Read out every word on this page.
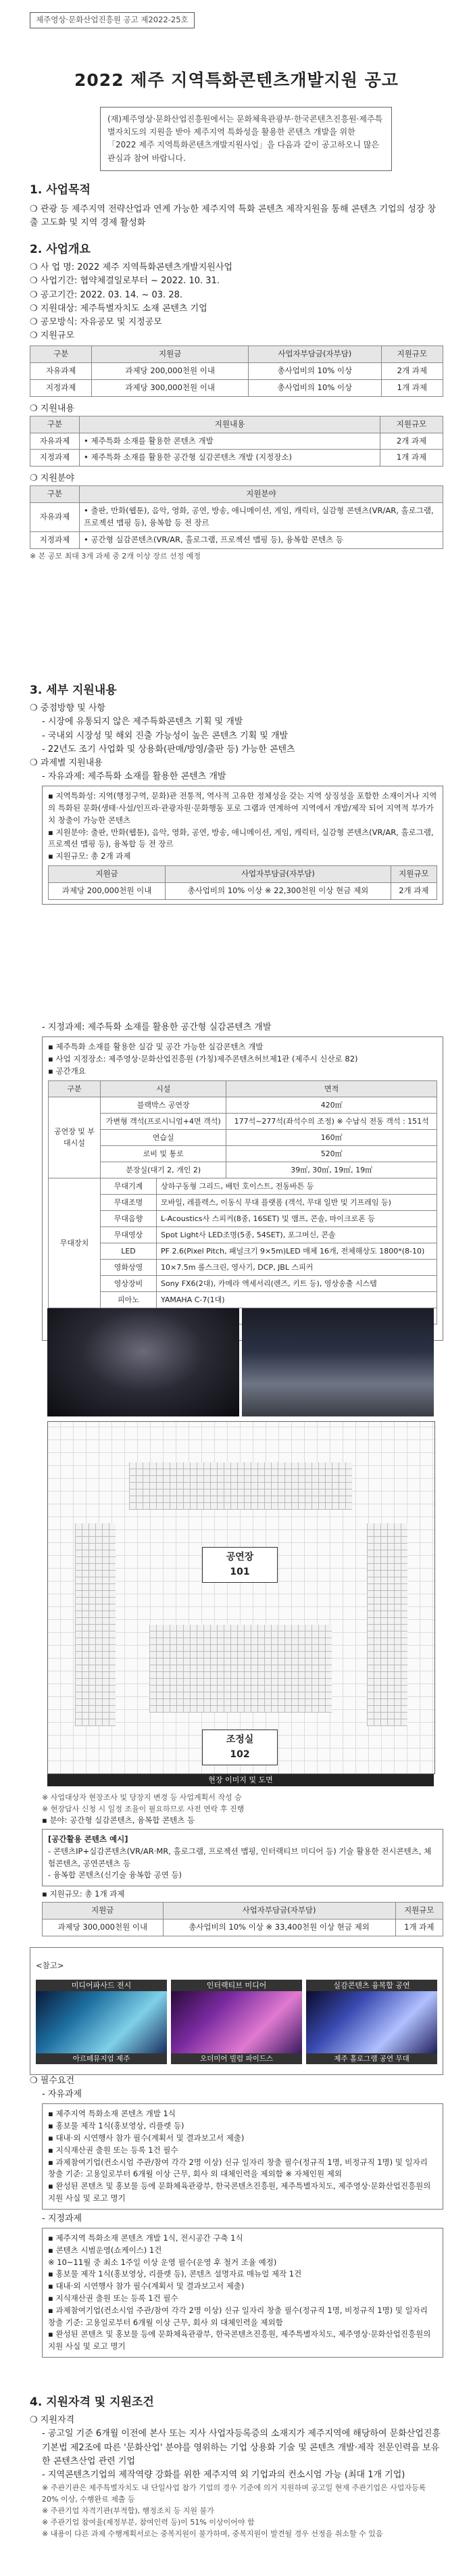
제주영상·문화산업진흥원 공고 제2022-25호
2022 제주 지역특화콘텐츠개발지원 공고
(재)제주영상·문화산업진흥원에서는 문화체육관광부·한국콘텐츠진흥원·제주특별자치도의 지원을 받아 제주지역 특화성을 활용한 콘텐츠 개발을 위한 「2022 제주 지역특화콘텐츠개발지원사업」을 다음과 같이 공고하오니 많은 관심과 참여 바랍니다.
1. 사업목적

❍ 관광 등 제주지역 전략산업과 연계 가능한 제주지역 특화 콘텐츠 제작지원을 통해 콘텐츠 기업의 성장 창출 고도화 및 지역 경제 활성화

2. 사업개요

❍ 사 업 명: 2022 제주 지역특화콘텐츠개발지원사업

❍ 사업기간: 협약체결일로부터 ~ 2022. 10. 31.

❍ 공고기간: 2022. 03. 14. ~ 03. 28.

❍ 지원대상: 제주특별자치도 소재 콘텐츠 기업

❍ 공모방식: 자유공모 및 지정공모

❍ 지원규모

구분	지원금	사업자부담금(자부담)	지원규모
자유과제	과제당 200,000천원 이내	총사업비의 10% 이상	2개 과제
지정과제	과제당 300,000천원 이내	총사업비의 10% 이상	1개 과제

❍ 지원내용

구분	지원내용	지원규모
자유과제	• 제주특화 소재를 활용한 콘텐츠 개발	2개 과제
지정과제	• 제주특화 소재를 활용한 공간형 실감콘텐츠 개발 (지정장소)	1개 과제

❍ 지원분야

구분	지원분야
자유과제	• 출판, 만화(웹툰), 음악, 영화, 공연, 방송, 애니메이션, 게임, 캐릭터, 실감형 콘텐츠(VR/AR, 홀로그램, 프로젝션 맵핑 등), 융복합 등 전 장르
지정과제	• 공간형 실감콘텐츠(VR/AR, 홀로그램, 프로젝션 맵핑 등), 융복합 콘텐츠 등

※ 본 공모 최대 3개 과제 중 2개 이상 장르 선정 예정

3. 세부 지원내용

❍ 중점방향 및 사항

- 시장에 유통되지 않은 제주특화콘텐츠 기획 및 개발

- 국내외 시장성 및 해외 진출 가능성이 높은 콘텐츠 기획 및 개발

- 22년도 조기 사업화 및 상용화(판매/방영/출판 등) 가능한 콘텐츠

❍ 과제별 지원내용

- 자유과제: 제주특화 소재를 활용한 콘텐츠 개발

▪ 지역특화성: 지역(행정구역, 문화)관 전통적, 역사적 고유한 정체성을 갖는 지역 상징성을 포함한 소재이거나 지역의 특화된 문화(생태·사설/인프라·관광자원·문화행동 포로 그램과 연계하여 지역에서 개발/제작 되어 지역적 부가가치 창출이 가능한 콘텐츠

▪ 지원분야: 출판, 만화(웹툰), 음악, 영화, 공연, 방송, 애니메이션, 게임, 캐릭터, 실감형 콘텐츠(VR/AR, 홀로그램, 프로젝션 맵핑 등), 융복합 등 전 장르

▪ 지원규모: 총 2개 과제

지원금	사업자부담금(자부담)	지원규모
과제당 200,000천원 이내	총사업비의 10% 이상 ※ 22,300천원 이상 현금 제외	2개 과제

- 지정과제: 제주특화 소재를 활용한 공간형 실감콘텐츠 개발

▪ 제주특화 소재를 활용한 실감 및 공간 가능한 실감콘텐츠 개발

▪ 사업 지정장소: 제주영상·문화산업진흥원 (가칭)제주콘텐츠허브제1관 (제주시 신산로 82)

▪ 공간개요

구분	시설		면적
공연장 및 부대시설	블랙박스 공연장		420㎡
	가변형 객석(프로시니엄+4면 객석)		177석~277석(좌석수의 조정) ※ 수납식 전동 객석 : 151석
	연습실		160㎡
	로비 및 통로		520㎡
	분장실(대기 2, 개인 2)		39㎡, 30㎡, 19㎡, 19㎡
무대장치	무대기계	상하구동형 그리드, 배턴 호이스트, 전동바튼 등	
	무대조명	모바일, 레플렉스, 이동식 무대 플랫폼 (객석, 무대 일반 및 기프레임 등)	
	무대음향	L-Acoustics사 스피커(8종, 16SET) 및 앰프, 콘솔, 마이크로폰 등	
	무대영상	Spot Light사 LED조명(5종, 54SET), 포그머신, 콘솔	
	LED	PF 2.6(Pixel Pitch, 패널크기 9×5m)LED 매체 16개, 전체해상도 1800*(8-10)	
	영화상영	10×7.5m 롤스크린, 영사기, DCP, JBL 스피커	
	영상장비	Sony FX6(2대), 카메라 액세서리(렌즈, 키트 등), 영상송출 시스템	
	피아노	YAMAHA C-7(1대)	

공연장
101
조정실
102
현장 이미지 및 도면

※ 사업대상자 현장조사 및 당장지 변경 등 사업계획서 작성 승

※ 현장답사 신청 시 일정 조율이 필요하므로 사전 연락 후 진행

▪ 분야: 공간형 실감콘텐츠, 융복합 콘텐츠 등

[공간활용 콘텐츠 예시]

- 콘텐츠IP+실감콘텐츠(VR/AR·MR, 홀로그램, 프로젝션 맵핑, 인터랙티브 미디어 등) 기술 활용한 전시콘텐츠, 체험콘텐츠, 공연콘텐츠 등

- 융복합 콘텐츠(신기술 융복합 공연 등)

▪ 지원규모: 총 1개 과제

지원금	사업자부담금(자부담)	지원규모
과제당 300,000천원 이내	총사업비의 10% 이상 ※ 33,400천원 이상 현금 제외	1개 과제

<참고>

미디어파사드 전시
아르떼뮤지엄 제주
인터랙티브 미디어
오더미어 빌럼 파이드스
실감콘텐츠 융복합 공연
제주 홀로그램 공연 무대

❍ 필수요건

- 자유과제

▪ 제주지역 특화소재 콘텐츠 개발 1식

▪ 홍보물 제작 1식(홍보영상, 리플렛 등)

▪ 대내·외 시연행사 참가 필수(계획서 및 결과보고서 제출)

▪ 지식재산권 출원 또는 등록 1건 필수

▪ 과제참여기업(컨소시엄 주관/참여 각각 2명 이상) 신규 일자리 창출 필수(정규직 1명, 비정규직 1명) 및 일자리 창출 기준: 고용일로부터 6개월 이상 근무, 회사 외 대체인력을 제외함 ※ 자체인원 제외

▪ 완성된 콘텐츠 및 홍보물 등에 문화체육관광부, 한국콘텐츠진흥원, 제주특별자치도, 제주영상·문화산업진흥원의 지원 사실 및 로고 명기

- 지정과제

▪ 제주지역 특화소재 콘텐츠 개발 1식, 전시공간 구축 1식

▪ 콘텐츠 시범운영(쇼케이스) 1건

※ 10~11월 중 최소 1주일 이상 운영 필수(운영 후 철거 조율 예정)

▪ 홍보물 제작 1식(홍보영상, 리플렛 등), 콘텐츠 설명자료 매뉴얼 제작 1건

▪ 대내·외 시연행사 참가 필수(계획서 및 결과보고서 제출)

▪ 지식재산권 출원 또는 등록 1건 필수

▪ 과제참여기업(컨소시엄 주관/참여 각각 2명 이상) 신규 일자리 창출 필수(정규직 1명, 비정규직 1명) 및 일자리 창출 기준: 고용일로부터 6개월 이상 근무, 회사 외 대체인력을 제외함

▪ 완성된 콘텐츠 및 홍보물 등에 문화체육관광부, 한국콘텐츠진흥원, 제주특별자치도, 제주영상·문화산업진흥원의 지원 사실 및 로고 명기

4. 지원자격 및 지원조건

❍ 지원자격

- 공고일 기준 6개월 이전에 본사 또는 지사 사업자등록증의 소재지가 제주지역에 해당하여 문화산업진흥 기본법 제2조에 따른 '문화산업' 분야를 영위하는 기업 상용화 기술 및 콘텐츠 개발·제작 전문인력을 보유한 콘텐츠산업 관련 기업

- 지역콘텐츠기업의 제작역량 강화를 위한 제주지역 외 기업과의 컨소시엄 가능 (최대 1개 기업)

※ 주관기관은 제주특별자치도 내 단일사업 참가 기업의 경우 기준에 의거 지원하며 공고일 현재 주관기업은 사업자등록 20% 이상, 수행완료 제출 등

※ 주관기업 자격기관(부적합), 행정조치 등 지원 불가

※ 주관기업 참여율(제정부분, 참여인력 등)이 51% 이상이어야 함

※ 내용이 다른 과제 수행계획서로는 중복지원이 불가하며, 중복지원이 발견될 경우 선정을 취소할 수 있음
